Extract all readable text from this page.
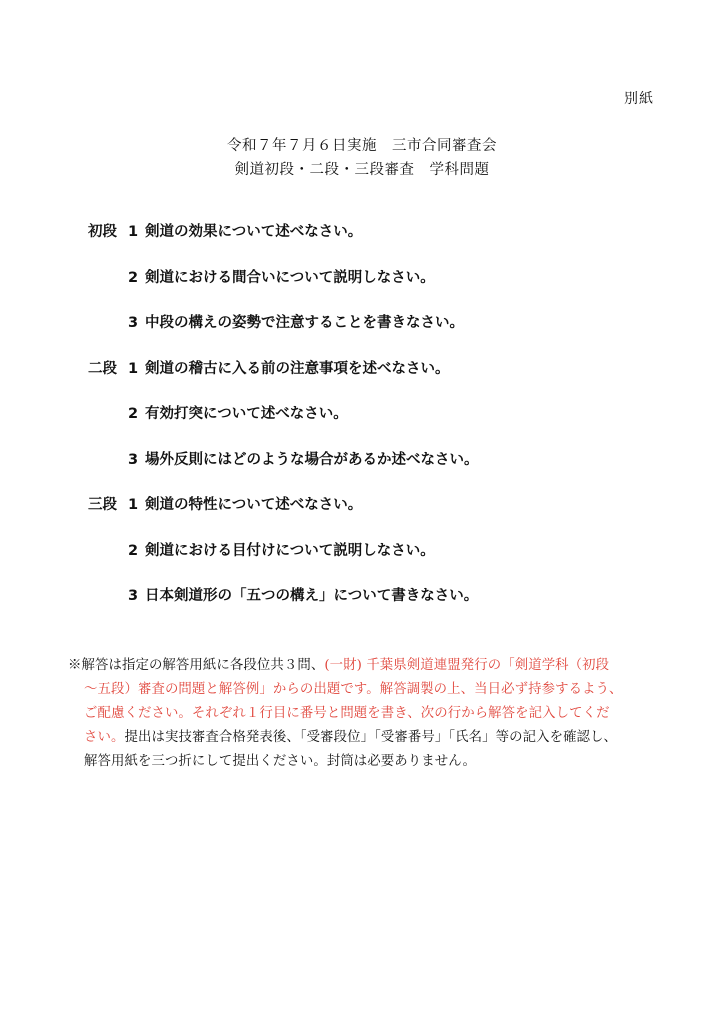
別紙
令和７年７月６日実施　三市合同審査会
剣道初段・二段・三段審査　学科問題
初段 1 剣道の効果について述べなさい。
2 剣道における間合いについて説明しなさい。
3 中段の構えの姿勢で注意することを書きなさい。
二段 1 剣道の稽古に入る前の注意事項を述べなさい。
2 有効打突について述べなさい。
3 場外反則にはどのような場合があるか述べなさい。
三段 1 剣道の特性について述べなさい。
2 剣道における目付けについて説明しなさい。
3 日本剣道形の「五つの構え」について書きなさい。
※解答は指定の解答用紙に各段位共３問、(一財) 千葉県剣道連盟発行の「剣道学科（初段
～五段）審査の問題と解答例」からの出題です。解答調製の上、当日必ず持参するよう、
ご配慮ください。それぞれ１行目に番号と問題を書き、次の行から解答を記入してくだ
さい。提出は実技審査合格発表後、「受審段位」「受審番号」「氏名」等の記入を確認し、
解答用紙を三つ折にして提出ください。封筒は必要ありません。
